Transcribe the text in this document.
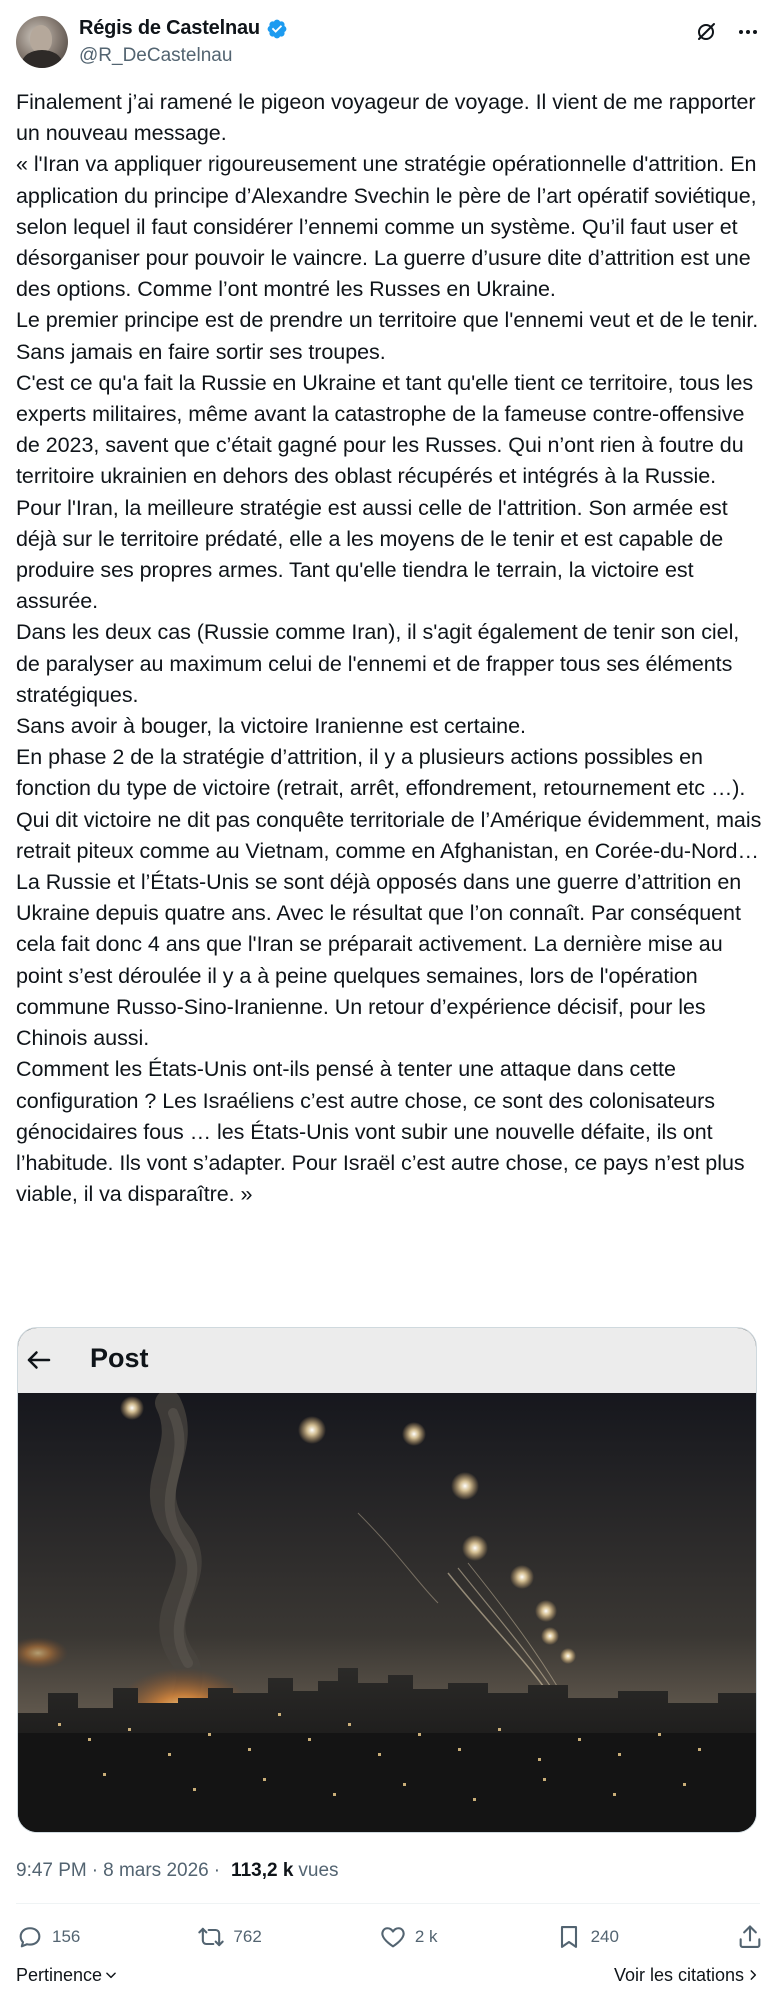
Régis de Castelnau
@R_DeCastelnau
Finalement j’ai ramené le pigeon voyageur de voyage. Il vient de me rapporter un nouveau message.
« l'Iran va appliquer rigoureusement une stratégie opérationnelle d'attrition. En application du principe d’Alexandre Svechin le père de l’art opératif soviétique, selon lequel il faut considérer l’ennemi comme un système. Qu’il faut user et désorganiser pour pouvoir le vaincre. La guerre d’usure dite d’attrition est une des options. Comme l’ont montré les Russes en Ukraine.
Le premier principe est de prendre un territoire que l'ennemi veut et de le tenir. Sans jamais en faire sortir ses troupes.
C'est ce qu'a fait la Russie en Ukraine et tant qu'elle tient ce territoire, tous les experts militaires, même avant la catastrophe de la fameuse contre-offensive de 2023, savent que c’était gagné pour les Russes. Qui n’ont rien à foutre du territoire ukrainien en dehors des oblast récupérés et intégrés à la Russie.
Pour l'Iran, la meilleure stratégie est aussi celle de l'attrition. Son armée est déjà sur le territoire prédaté, elle a les moyens de le tenir et est capable de produire ses propres armes. Tant qu'elle tiendra le terrain, la victoire est assurée.
Dans les deux cas (Russie comme Iran), il s'agit également de tenir son ciel, de paralyser au maximum celui de l'ennemi et de frapper tous ses éléments stratégiques.
Sans avoir à bouger, la victoire Iranienne est certaine.
En phase 2 de la stratégie d’attrition, il y a plusieurs actions possibles en fonction du type de victoire (retrait, arrêt, effondrement, retournement etc …). Qui dit victoire ne dit pas conquête territoriale de l’Amérique évidemment, mais retrait piteux comme au Vietnam, comme en Afghanistan, en Corée-du-Nord…
La Russie et l’États-Unis se sont déjà opposés dans une guerre d’attrition en Ukraine depuis quatre ans. Avec le résultat que l’on connaît. Par conséquent cela fait donc 4 ans que l'Iran se préparait activement. La dernière mise au point s’est déroulée il y a à peine quelques semaines, lors de l'opération commune Russo-Sino-Iranienne. Un retour d’expérience décisif, pour les Chinois aussi.
Comment les États-Unis ont-ils pensé à tenter une attaque dans cette configuration ? Les Israéliens c’est autre chose, ce sont des colonisateurs génocidaires fous … les États-Unis vont subir une nouvelle défaite, ils ont l’habitude. Ils vont s’adapter. Pour Israël c’est autre chose, ce pays n’est plus viable, il va disparaître. »
Post
9:47 PM · 8 mars 2026 · 113,2 k vues
156	762	2 k	240
Pertinence	Voir les citations
